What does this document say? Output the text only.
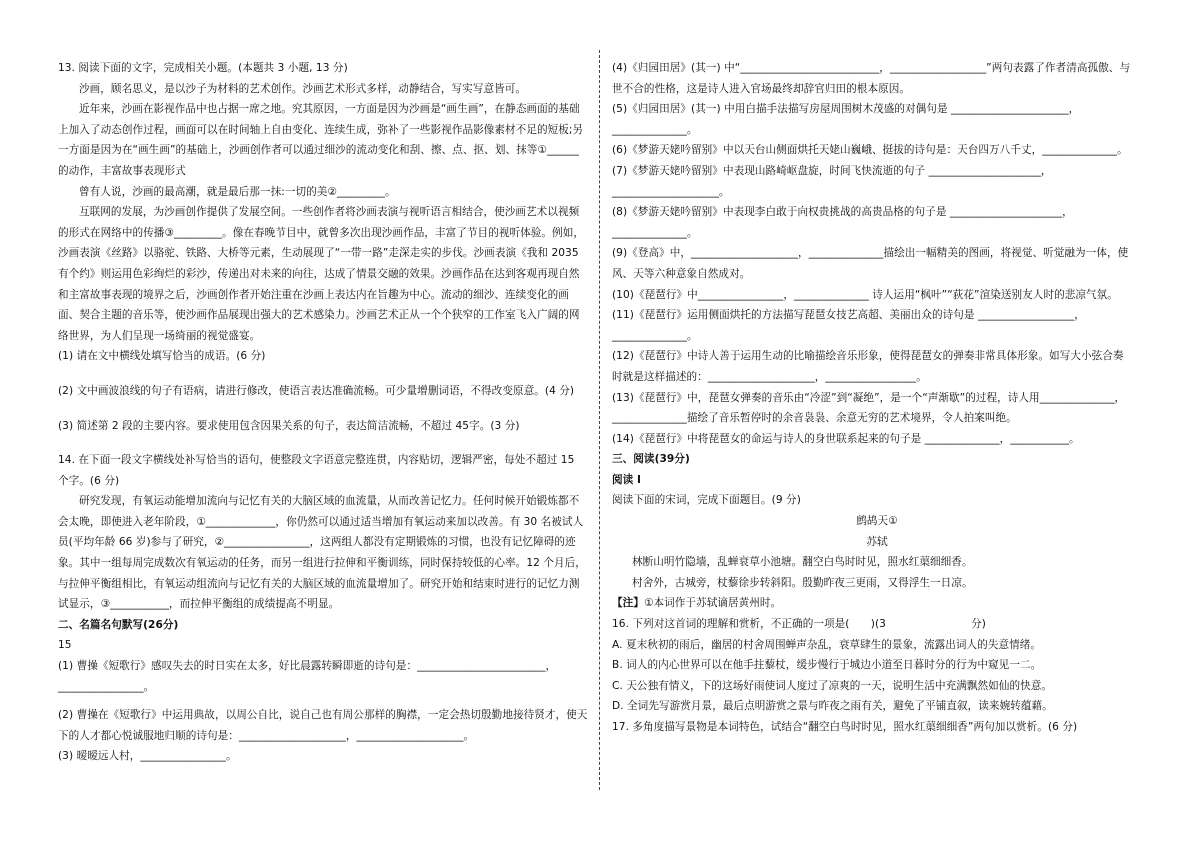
13. 阅读下面的文字，完成相关小题。(本题共 3 小题, 13 分)
沙画，顾名思义，是以沙子为材料的艺术创作。沙画艺术形式多样，动静结合，写实写意皆可。
近年来，沙画在影视作品中也占据一席之地。究其原因，一方面是因为沙画是“画生画”，在静态画面的基础上加入了动态创作过程，画面可以在时间轴上自由变化、连续生成，弥补了一些影视作品影像素材不足的短板;另一方面是因为在“画生画”的基础上，沙画创作者可以通过细沙的流动变化和刮、擦、点、抠、划、抹等①______的动作，丰富故事表现形式
曾有人说，沙画的最高潮，就是最后那一抹:一切的美②_________。
互联网的发展，为沙画创作提供了发展空间。一些创作者将沙画表演与视听语言相结合，使沙画艺术以视频的形式在网络中的传播③_________。像在春晚节目中，就曾多次出现沙画作品，丰富了节目的视听体验。例如，沙画表演《丝路》以骆驼、铁路、大桥等元素，生动展现了“一带一路”走深走实的步伐。沙画表演《我和 2035 有个约》则运用色彩绚烂的彩沙，传递出对未来的向往，达成了情景交融的效果。沙画作品在达到客观再现自然和主富故事表现的境界之后，沙画创作者开始注重在沙画上表达内在旨趣为中心。流动的细沙、连续变化的画面、契合主题的音乐等，使沙画作品展现出强大的艺术感染力。沙画艺术正从一个个狭窄的工作室飞入广阔的网络世界，为人们呈现一场绮丽的视觉盛宴。
(1) 请在文中横线处填写恰当的成语。(6 分)
(2) 文中画波浪线的句子有语病，请进行修改，使语言表达准确流畅。可少量增删词语，不得改变原意。(4 分)
(3) 简述第 2 段的主要内容。要求使用包含因果关系的句子，表达简洁流畅，不超过 45字。(3 分)
14. 在下面一段文字横线处补写恰当的语句，使整段文字语意完整连贯，内容贴切，逻辑严密，每处不超过 15 个字。(6 分)
研究发现，有氧运动能增加流向与记忆有关的大脑区域的血流量，从而改善记忆力。任何时候开始锻炼都不会太晚，即使进入老年阶段，①_____________，你仍然可以通过适当增加有氧运动来加以改善。有 30 名被试人员(平均年龄 66 岁)参与了研究，②________________，这两组人都没有定期锻炼的习惯，也没有记忆障碍的迹象。其中一组每周完成数次有氧运动的任务，而另一组进行拉伸和平衡训练，同时保持较低的心率。12 个月后，与拉伸平衡组相比，有氧运动组流向与记忆有关的大脑区域的血流量增加了。研究开始和结束时进行的记忆力测试显示，③___________，而拉伸平衡组的成绩提高不明显。
二、名篇名句默写(26分)
15
(1) 曹操《短歌行》感叹失去的时日实在太多，好比晨露转瞬即逝的诗句是：________________________，________________。
(2) 曹操在《短歌行》中运用典故，以周公自比，说自己也有周公那样的胸襟，一定会热切殷勤地接待贤才，使天下的人才都心悦诚服地归顺的诗句是：____________________，____________________。
(3) 暧暧远人村，________________。
(4)《归园田居》(其一) 中“__________________________，__________________”两句表露了作者清高孤傲、与世不合的性格，这是诗人进入官场最终却辞官归田的根本原因。
(5)《归园田居》(其一) 中用白描手法描写房屋周围树木茂盛的对偶句是 ______________________，______________。
(6)《梦游天姥吟留别》中以天台山侧面烘托天姥山巍峨、挺拔的诗句是：天台四万八千丈，______________。
(7)《梦游天姥吟留别》中表现山路崎岖盘旋，时间飞快流逝的句子 _____________________，____________________。
(8)《梦游天姥吟留别》中表现李白敢于向权贵挑战的高贵品格的句子是 _____________________，______________。
(9)《登高》中，____________________，______________描绘出一幅精美的图画，将视觉、听觉融为一体，使风、天等六种意象自然成对。
(10)《琵琶行》中________________，______________ 诗人运用“枫叶”“荻花”渲染送别友人时的悲凉气氛。
(11)《琵琶行》运用侧面烘托的方法描写琵琶女技艺高超、美丽出众的诗句是 __________________，______________。
(12)《琵琶行》中诗人善于运用生动的比喻描绘音乐形象，使得琵琶女的弹奏非常具体形象。如写大小弦合奏时就是这样描述的：____________________，_________________。
(13)《琵琶行》中，琵琶女弹奏的音乐由“冷涩”到“凝绝”，是一个“声渐歇”的过程，诗人用______________，______________描绘了音乐暂停时的余音袅袅、余意无穷的艺术境界，令人拍案叫绝。
(14)《琵琶行》中将琵琶女的命运与诗人的身世联系起来的句子是 ______________，___________。
三、阅读(39分)
阅读 I
阅读下面的宋词，完成下面题目。(9 分)
鹧鸪天①
苏轼
林断山明竹隐墙，乱蝉衰草小池塘。翻空白鸟时时见，照水红蕖细细香。
村舍外，古城旁，杖藜徐步转斜阳。殷勤昨夜三更雨，又得浮生一日凉。
【注】①本词作于苏轼谪居黄州时。
16. 下列对这首词的理解和赏析，不正确的一项是(　　)(3　　　　　　　　分)
A. 夏末秋初的雨后，幽居的村舍周围蝉声杂乱，衰草肆生的景象，流露出词人的失意情绪。
B. 词人的内心世界可以在他手拄藜杖，缓步慢行于城边小道至日暮时分的行为中窥见一二。
C. 天公独有情义，下的这场好雨使词人度过了凉爽的一天，说明生活中充满飘然如仙的快意。
D. 全词先写游赏月景，最后点明游赏之景与昨夜之雨有关，避免了平铺直叙，读来婉转蕴藉。
17. 多角度描写景物是本词特色，试结合“翻空白鸟时时见，照水红蕖细细香”两句加以赏析。(6 分)
